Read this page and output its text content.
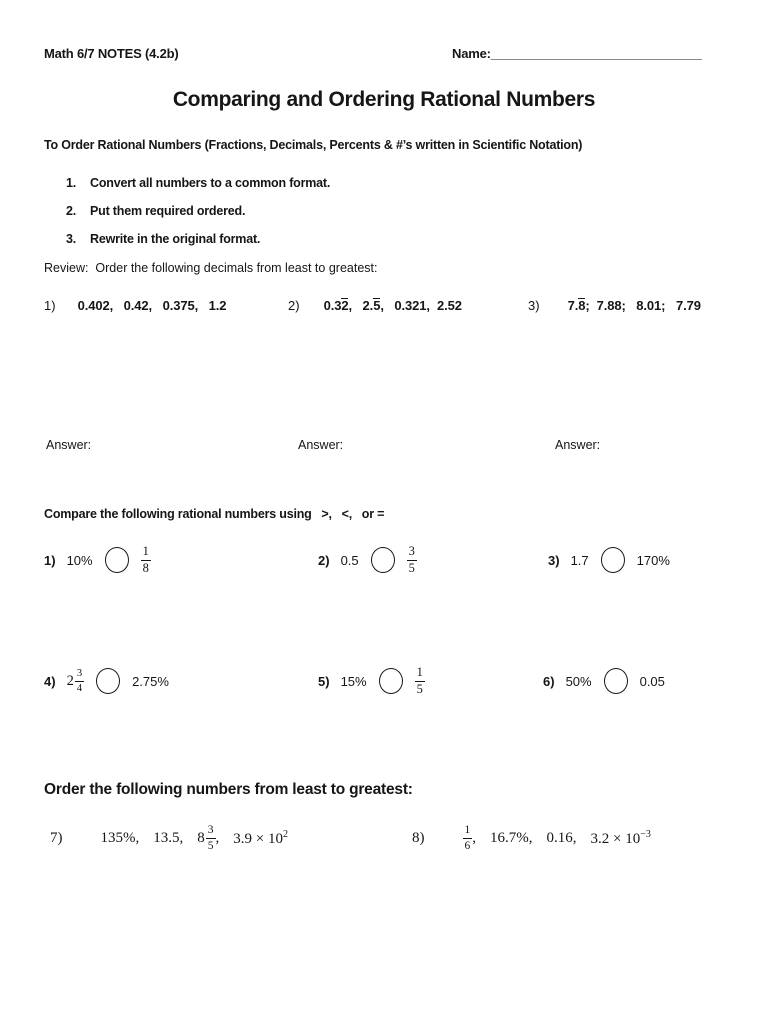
Math 6/7 NOTES (4.2b)	Name:______________________________
Comparing and Ordering Rational Numbers
To Order Rational Numbers (Fractions, Decimals, Percents & #’s written in Scientific Notation)
1.	Convert all numbers to a common format.
2.	Put them required ordered.
3.	Rewrite in the original format.
Review:  Order the following decimals from least to greatest:
1) 0.402,   0.42,   0.375,   1.2	2) 0.32,   2.5,   0.321,  2.52	3) 7.8;  7.88;   8.01;   7.79
Answer:	Answer:	Answer:
Compare the following rational numbers using   >,   <,   or =
1) 10%	$\frac{1}{8}$	2) 0.5	$\frac{3}{5}$	3) 1.7	170%
4) $2 \frac{3}{4}$	2.75%	5) 15%	$\frac{1}{5}$	6) 50%	0.05
Order the following numbers from least to greatest:
7)	135%, 13.5, $8 \frac{3}{5}$ , $3.9 \times 10^2$	8)	$\frac{1}{6}$ , 16.7%, 0.16, $3.2 \times 10^{-3}$
